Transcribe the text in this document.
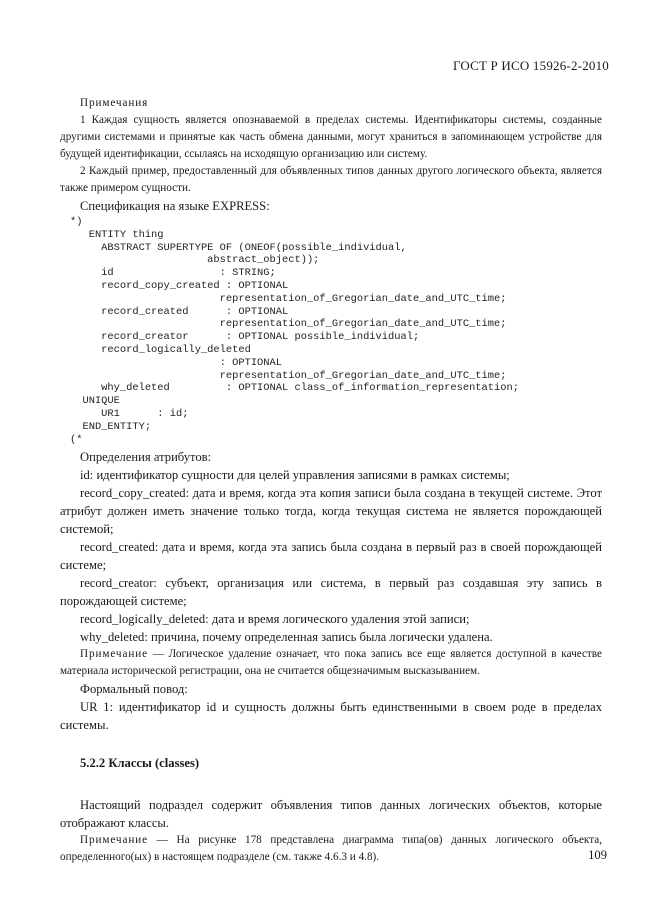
ГОСТ Р ИСО 15926-2-2010

Примечания

1 Каждая сущность является опознаваемой в пределах системы. Идентификаторы системы, созданные другими системами и принятые как часть обмена данными, могут храниться в запоминающем устройстве для будущей идентификации, ссылаясь на исходящую организацию или систему.

2 Каждый пример, предоставленный для объявленных типов данных другого логического объекта, является также примером сущности.

Спецификация на языке EXPRESS:

*)
ENTITY thing
ABSTRACT SUPERTYPE OF (ONEOF(possible_individual,
abstract_object));
id                 : STRING;
record_copy_created : OPTIONAL
representation_of_Gregorian_date_and_UTC_time;
record_created      : OPTIONAL
representation_of_Gregorian_date_and_UTC_time;
record_creator      : OPTIONAL possible_individual;
record_logically_deleted
: OPTIONAL
representation_of_Gregorian_date_and_UTC_time;
why_deleted         : OPTIONAL class_of_information_representation;
UNIQUE
UR1      : id;
END_ENTITY;
(*

Определения атрибутов:

id: идентификатор сущности для целей управления записями в рамках системы;

record_copy_created: дата и время, когда эта копия записи была создана в текущей системе. Этот атрибут должен иметь значение только тогда, когда текущая система не является порождающей системой;

record_created: дата и время, когда эта запись была создана в первый раз в своей порождающей системе;

record_creator: субъект, организация или система, в первый раз создавшая эту запись в порождающей системе;

record_logically_deleted: дата и время логического удаления этой записи;

why_deleted: причина, почему определенная запись была логически удалена.

Примечание — Логическое удаление означает, что пока запись все еще является доступной в качестве материала исторической регистрации, она не считается общезначимым высказыванием.

Формальный повод:

UR 1: идентификатор id и сущность должны быть единственными в своем роде в пределах системы.

5.2.2 Классы (classes)

Настоящий подраздел содержит объявления типов данных логических объектов, которые отображают классы.

Примечание — На рисунке 178 представлена диаграмма типа(ов) данных логического объекта, определенного(ых) в настоящем подразделе (см. также 4.6.3 и 4.8).	109
